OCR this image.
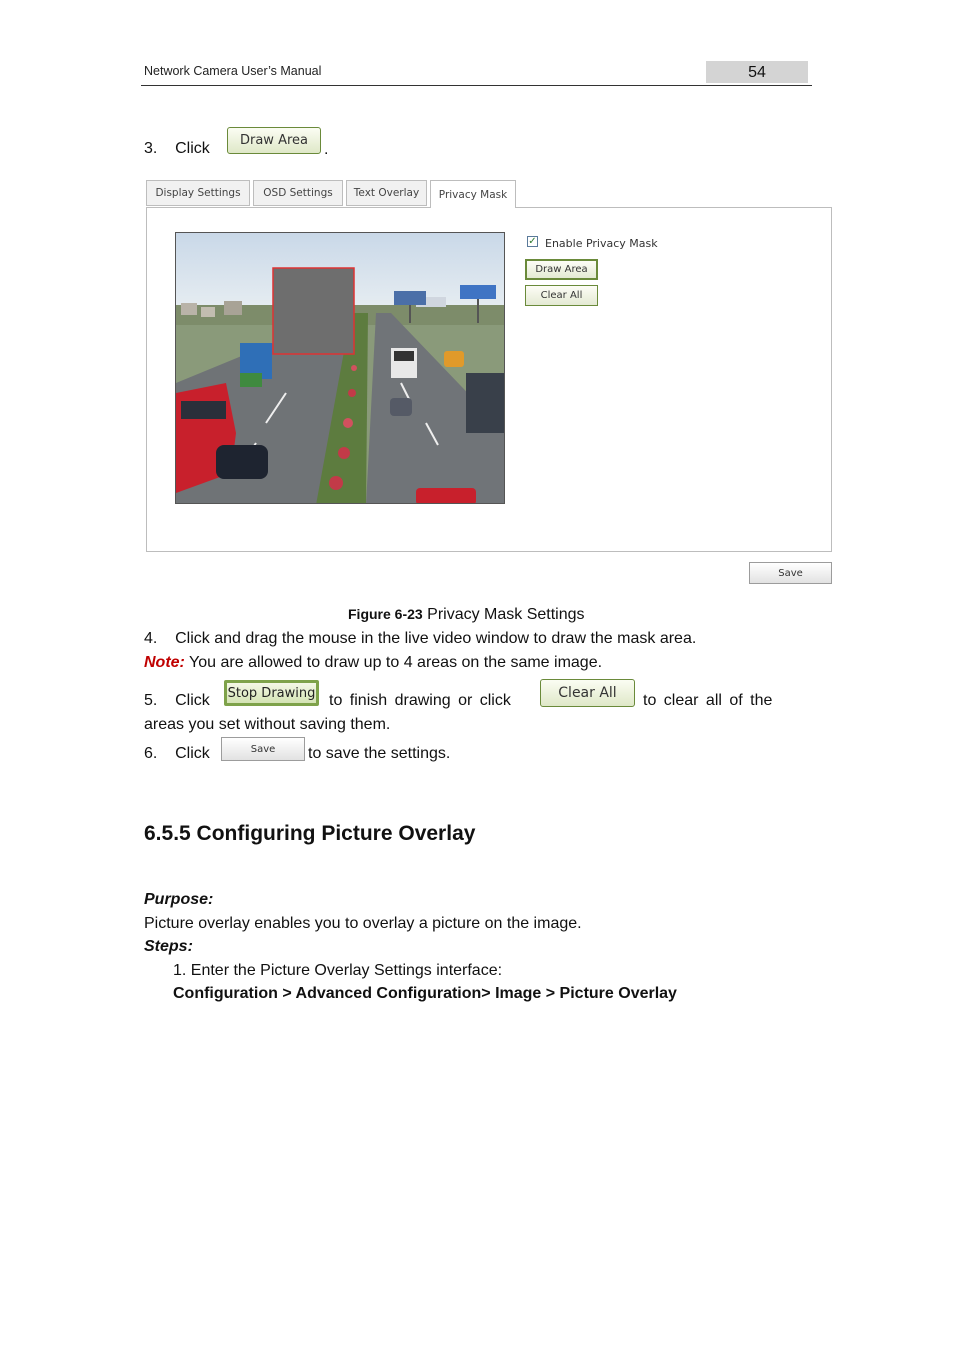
Network Camera User’s Manual	54
3.    Click	Draw Area
.
Display Settings	OSD Settings	Text Overlay	Privacy Mask
✓ Enable Privacy Mask
Draw Area
Clear All
Save
Figure 6-23 Privacy Mask Settings
4.    Click and drag the mouse in the live video window to draw the mask area.
Note: You are allowed to draw up to 4 areas on the same image.
5.    Click Stop Drawing to finish drawing or click	Clear All	to clear all of the
areas you set without saving them.
6.    Click	Save	to save the settings.
6.5.5 Configuring Picture Overlay
Purpose:
Picture overlay enables you to overlay a picture on the image.
Steps:
1. Enter the Picture Overlay Settings interface:
Configuration > Advanced Configuration> Image > Picture Overlay
